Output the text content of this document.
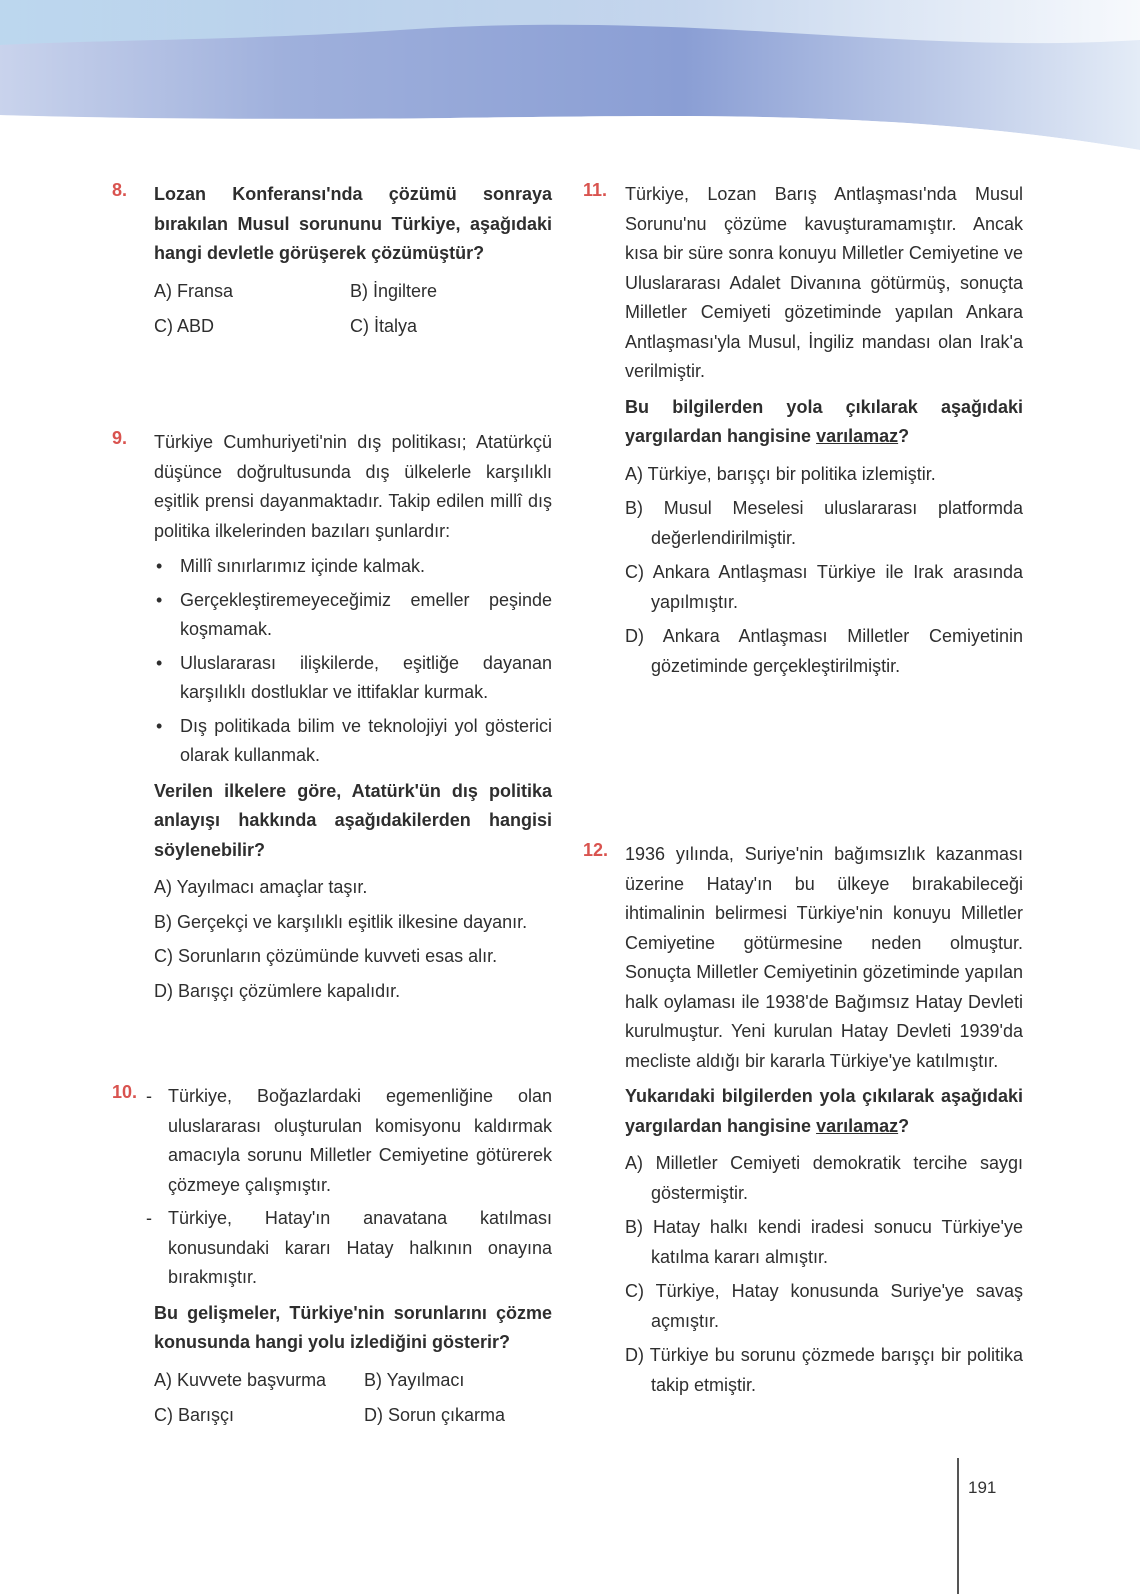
8. Lozan Konferansı'nda çözümü sonraya bırakılan Musul sorununu Türkiye, aşağıdaki hangi devletle görüşerek çözümüştür?

A) Fransa	B) İngiltere
C) ABD	C) İtalya
9. Türkiye Cumhuriyeti'nin dış politikası; Atatürkçü düşünce doğrultusunda dış ülkelerle karşılıklı eşitlik prensi dayanmaktadır. Takip edilen millî dış politika ilkelerinden bazıları şunlardır:

• Millî sınırlarımız içinde kalmak.
• Gerçekleştiremeyeceğimiz emeller peşinde koşmamak.
• Uluslararası ilişkilerde, eşitliğe dayanan karşılıklı dostluklar ve ittifaklar kurmak.
• Dış politikada bilim ve teknolojiyi yol gösterici olarak kullanmak.

Verilen ilkelere göre, Atatürk'ün dış politika anlayışı hakkında aşağıdakilerden hangisi söylenebilir?

A) Yayılmacı amaçlar taşır.
B) Gerçekçi ve karşılıklı eşitlik ilkesine dayanır.
C) Sorunların çözümünde kuvveti esas alır.
D) Barışçı çözümlere kapalıdır.
10. - Türkiye, Boğazlardaki egemenliğine olan uluslararası oluşturulan komisyonu kaldırmak amacıyla sorunu Milletler Cemiyetine götürerek çözmeye çalışmıştır.
- Türkiye, Hatay'ın anavatana katılması konusundaki kararı Hatay halkının onayına bırakmıştır.

Bu gelişmeler, Türkiye'nin sorunlarını çözme konusunda hangi yolu izlediğini gösterir?

A) Kuvvete başvurma	B) Yayılmacı
C) Barışçı	D) Sorun çıkarma
11. Türkiye, Lozan Barış Antlaşması'nda Musul Sorunu'nu çözüme kavuşturamamıştır. Ancak kısa bir süre sonra konuyu Milletler Cemiyetine ve Uluslararası Adalet Divanına götürmüş, sonuçta Milletler Cemiyeti gözetiminde yapılan Ankara Antlaşması'yla Musul, İngiliz mandası olan Irak'a verilmiştir.

Bu bilgilerden yola çıkılarak aşağıdaki yargılardan hangisine varılamaz?

A) Türkiye, barışçı bir politika izlemiştir.
B) Musul Meselesi uluslararası platformda değerlendirilmiştir.
C) Ankara Antlaşması Türkiye ile Irak arasında yapılmıştır.
D) Ankara Antlaşması Milletler Cemiyetinin gözetiminde gerçekleştirilmiştir.
12. 1936 yılında, Suriye'nin bağımsızlık kazanması üzerine Hatay'ın bu ülkeye bırakabileceği ihtimalinin belirmesi Türkiye'nin konuyu Milletler Cemiyetine götürmesine neden olmuştur. Sonuçta Milletler Cemiyetinin gözetiminde yapılan halk oylaması ile 1938'de Bağımsız Hatay Devleti kurulmuştur. Yeni kurulan Hatay Devleti 1939'da mecliste aldığı bir kararla Türkiye'ye katılmıştır.

Yukarıdaki bilgilerden yola çıkılarak aşağıdaki yargılardan hangisine varılamaz?

A) Milletler Cemiyeti demokratik tercihe saygı göstermiştir.
B) Hatay halkı kendi iradesi sonucu Türkiye'ye katılma kararı almıştır.
C) Türkiye, Hatay konusunda Suriye'ye savaş açmıştır.
D) Türkiye bu sorunu çözmede barışçı bir politika takip etmiştir.
191
